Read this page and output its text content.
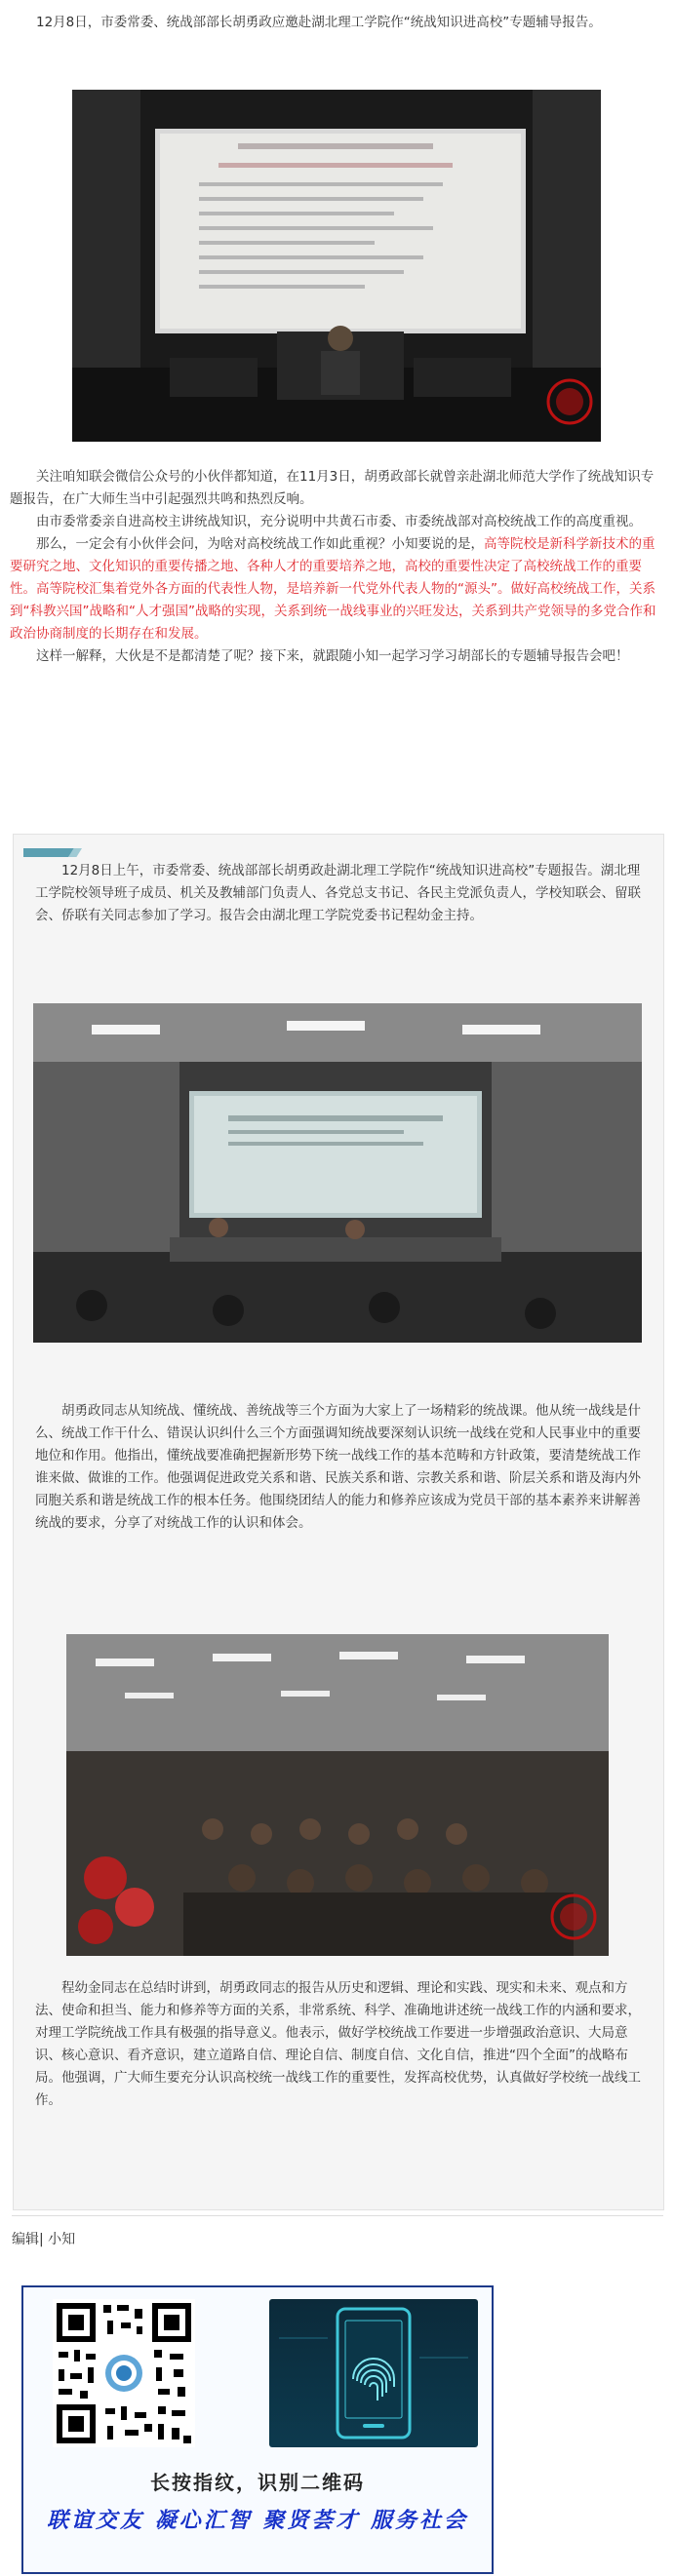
12月8日，市委常委、统战部部长胡勇政应邀赴湖北理工学院作“统战知识进高校”专题辅导报告。

关注咱知联会微信公众号的小伙伴都知道，在11月3日，胡勇政部长就曾亲赴湖北师范大学作了统战知识专题报告，在广大师生当中引起强烈共鸣和热烈反响。

由市委常委亲自进高校主讲统战知识，充分说明中共黄石市委、市委统战部对高校统战工作的高度重视。

那么，一定会有小伙伴会问，为啥对高校统战工作如此重视？小知要说的是，高等院校是新科学新技术的重要研究之地、文化知识的重要传播之地、各种人才的重要培养之地，高校的重要性决定了高校统战工作的重要性。高等院校汇集着党外各方面的代表性人物，是培养新一代党外代表人物的“源头”。做好高校统战工作，关系到“科教兴国”战略和“人才强国”战略的实现，关系到统一战线事业的兴旺发达，关系到共产党领导的多党合作和政治协商制度的长期存在和发展。

这样一解释，大伙是不是都清楚了呢？接下来，就跟随小知一起学习学习胡部长的专题辅导报告会吧！

12月8日上午，市委常委、统战部部长胡勇政赴湖北理工学院作“统战知识进高校”专题报告。湖北理工学院校领导班子成员、机关及教辅部门负责人、各党总支书记、各民主党派负责人，学校知联会、留联会、侨联有关同志参加了学习。报告会由湖北理工学院党委书记程幼金主持。

胡勇政同志从知统战、懂统战、善统战等三个方面为大家上了一场精彩的统战课。他从统一战线是什么、统战工作干什么、错误认识纠什么三个方面强调知统战要深刻认识统一战线在党和人民事业中的重要地位和作用。他指出，懂统战要准确把握新形势下统一战线工作的基本范畴和方针政策，要清楚统战工作谁来做、做谁的工作。他强调促进政党关系和谐、民族关系和谐、宗教关系和谐、阶层关系和谐及海内外同胞关系和谐是统战工作的根本任务。他围绕团结人的能力和修养应该成为党员干部的基本素养来讲解善统战的要求，分享了对统战工作的认识和体会。

程幼金同志在总结时讲到，胡勇政同志的报告从历史和逻辑、理论和实践、现实和未来、观点和方法、使命和担当、能力和修养等方面的关系，非常系统、科学、准确地讲述统一战线工作的内涵和要求，对理工学院统战工作具有极强的指导意义。他表示，做好学校统战工作要进一步增强政治意识、大局意识、核心意识、看齐意识，建立道路自信、理论自信、制度自信、文化自信，推进“四个全面”的战略布局。他强调，广大师生要充分认识高校统一战线工作的重要性，发挥高校优势，认真做好学校统一战线工作。

编辑| 小知
长按指纹，识别二维码
联谊交友 凝心汇智 聚贤荟才 服务社会
